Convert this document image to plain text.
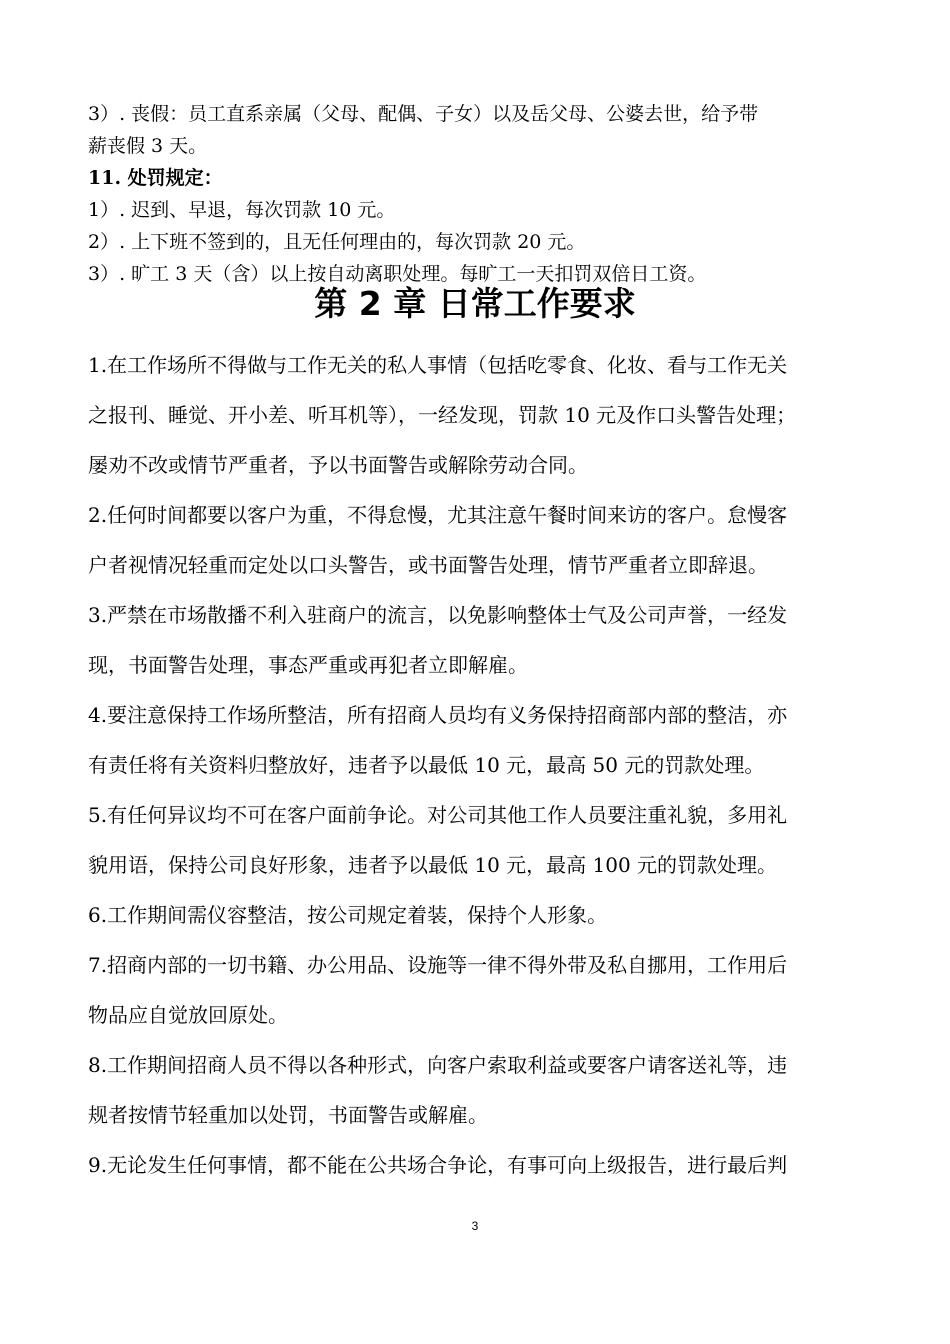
3）. 丧假：员工直系亲属（父母、配偶、子女）以及岳父母、公婆去世，给予带

薪丧假 3 天。

11. 处罚规定：

1）. 迟到、早退，每次罚款 10 元。

2）. 上下班不签到的，且无任何理由的，每次罚款 20 元。

3）. 旷工 3 天（含）以上按自动离职处理。每旷工一天扣罚双倍日工资。

第 2 章 日常工作要求

1.在工作场所不得做与工作无关的私人事情（包括吃零食、化妆、看与工作无关
之报刊、睡觉、开小差、听耳机等），一经发现，罚款 10 元及作口头警告处理；
屡劝不改或情节严重者，予以书面警告或解除劳动合同。

2.任何时间都要以客户为重，不得怠慢，尤其注意午餐时间来访的客户。怠慢客
户者视情况轻重而定处以口头警告，或书面警告处理，情节严重者立即辞退。

3.严禁在市场散播不利入驻商户的流言，以免影响整体士气及公司声誉，一经发
现，书面警告处理，事态严重或再犯者立即解雇。

4.要注意保持工作场所整洁，所有招商人员均有义务保持招商部内部的整洁，亦
有责任将有关资料归整放好，违者予以最低 10 元，最高 50 元的罚款处理。

5.有任何异议均不可在客户面前争论。对公司其他工作人员要注重礼貌，多用礼
貌用语，保持公司良好形象，违者予以最低 10 元，最高 100 元的罚款处理。

6.工作期间需仪容整洁，按公司规定着装，保持个人形象。

7.招商内部的一切书籍、办公用品、设施等一律不得外带及私自挪用，工作用后
物品应自觉放回原处。

8.工作期间招商人员不得以各种形式，向客户索取利益或要客户请客送礼等，违
规者按情节轻重加以处罚，书面警告或解雇。

9.无论发生任何事情，都不能在公共场合争论，有事可向上级报告，进行最后判

3
